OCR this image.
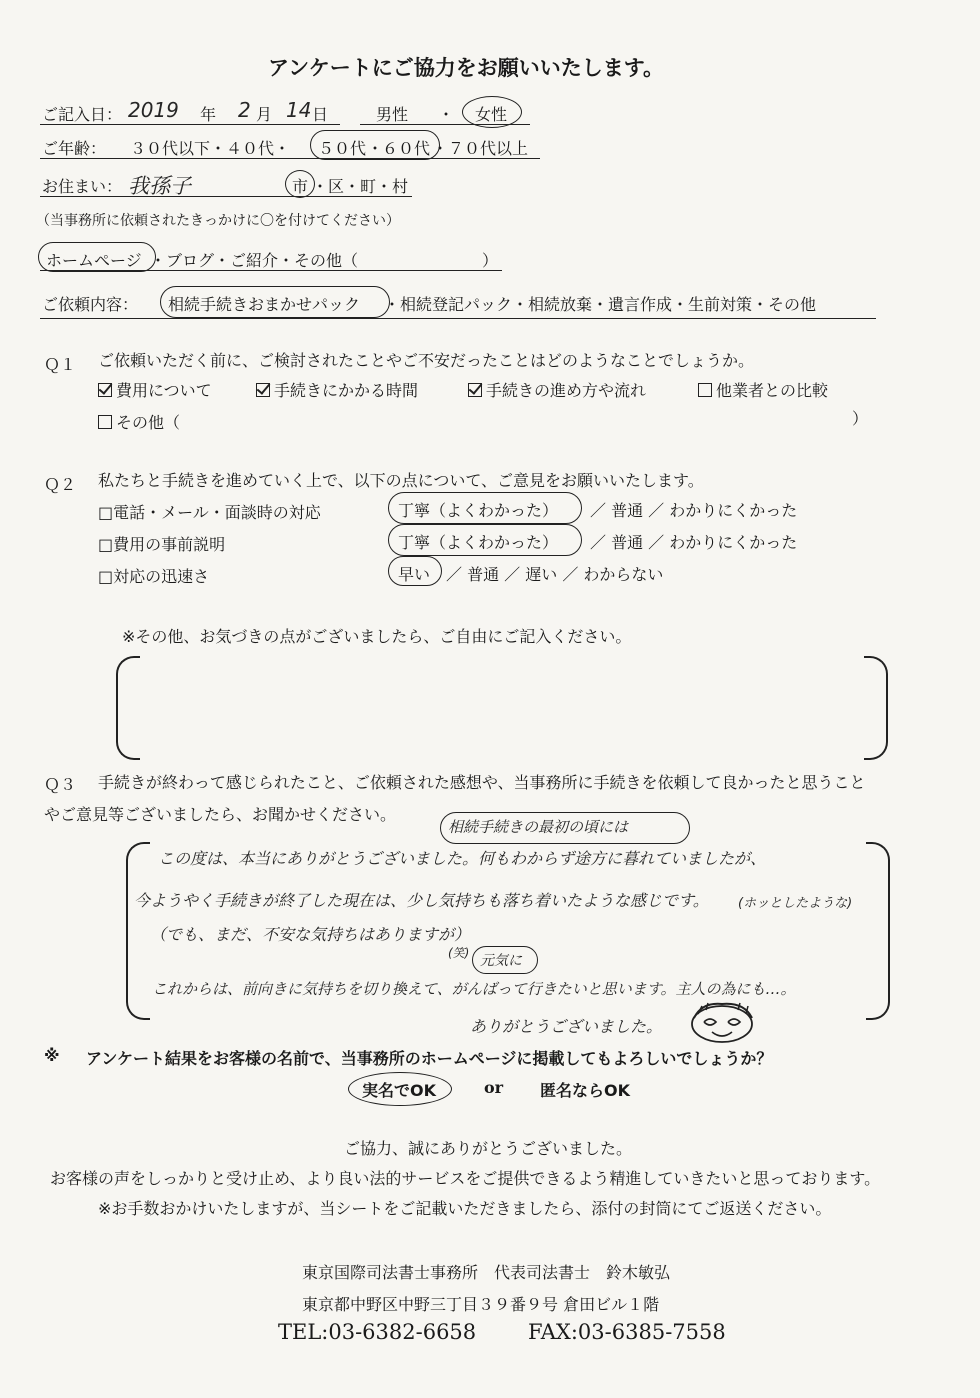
アンケートにご協力をお願いいたします。
ご記入日： 2019 年 2 月 14 日	男性 ・ 女性
ご年齢： ３０代以下・４０代・ ５０代 ・
６０代 ・７０代以上
お住まい： 我孫子	市 ・区・町・村
（当事務所に依頼されたきっかけに〇を付けてください）
ホームページ ・ブログ・ご紹介・その他（	）
ご依頼内容： 相続手続きおまかせパック ・相続登記パック・相続放棄・遺言作成・生前対策・その他
Ｑ１ ご依頼いただく前に、ご検討されたことやご不安だったことはどのようなことでしょうか。
費用について	手続きにかかる時間	手続きの進め方や流れ	他業者との比較
その他（	）
Ｑ２ 私たちと手続きを進めていく上で、以下の点について、ご意見をお願いいたします。
□電話・メール・面談時の対応	丁寧（よくわかった） ／ 普通 ／ わかりにくかった
□費用の事前説明	丁寧（よくわかった） ／ 普通 ／ わかりにくかった
□対応の迅速さ	早い ／ 普通 ／ 遅い ／ わからない
※その他、お気づきの点がございましたら、ご自由にご記入ください。
Ｑ３ 手続きが終わって感じられたこと、ご依頼された感想や、当事務所に手続きを依頼して良かったと思うこと
やご意見等ございましたら、お聞かせください。
相続手続きの最初の頃には
この度は、本当にありがとうございました。何もわからず途方に暮れていましたが、
今ようやく手続きが終了した現在は、少し気持ちも落ち着いたような感じです。 (ホッとしたような)
（でも、まだ、不安な気持ちはありますが）
(笑) 元気に
これからは、前向きに気持ちを切り換えて、がんばって行きたいと思います。主人の為にも…。
ありがとうございました。
※ アンケート結果をお客様の名前で、当事務所のホームページに掲載してもよろしいでしょうか？
実名でOK	or 匿名ならOK
ご協力、誠にありがとうございました。
お客様の声をしっかりと受け止め、より良い法的サービスをご提供できるよう精進していきたいと思っております。
※お手数おかけいたしますが、当シートをご記載いただきましたら、添付の封筒にてご返送ください。
東京国際司法書士事務所　代表司法書士　鈴木敏弘
東京都中野区中野三丁目３９番９号 倉田ビル１階
TEL:03-6382-6658 FAX:03-6385-7558
